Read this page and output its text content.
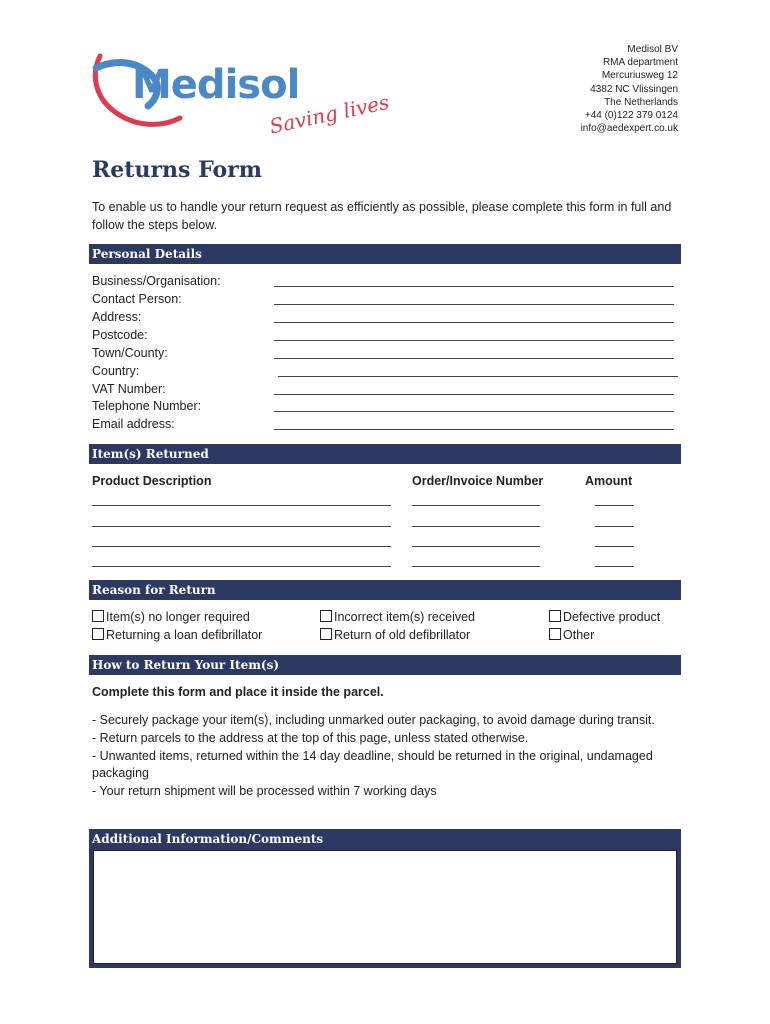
Medisol
Saving lives
Medisol BV
RMA department
Mercuriusweg 12
4382 NC Vlissingen
The Netherlands
+44 (0)122 379 0124
info@aedexpert.co.uk
Returns Form
To enable us to handle your return request as efficiently as possible, please complete this form in full and follow the steps below.
Personal Details
Business/Organisation:
Contact Person:
Address:
Postcode:
Town/County:
Country:
VAT Number:
Telephone Number:
Email address:
Item(s) Returned
Product Description	Order/Invoice Number	Amount
Reason for Return
Item(s) no longer required	Incorrect item(s) received	Defective product
Returning a loan defibrillator	Return of old defibrillator	Other
How to Return Your Item(s)
Complete this form and place it inside the parcel.
- Securely package your item(s), including unmarked outer packaging, to avoid damage during transit.
- Return parcels to the address at the top of this page, unless stated otherwise.
- Unwanted items, returned within the 14 day deadline, should be returned in the original, undamaged packaging
- Your return shipment will be processed within 7 working days
Additional Information/Comments
